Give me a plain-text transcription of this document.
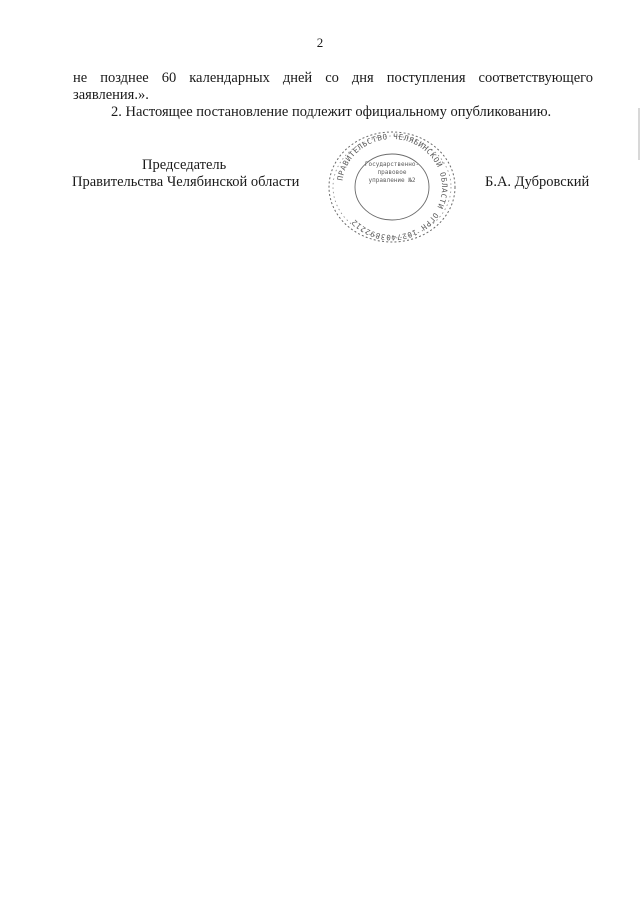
2
не позднее 60 календарных дней со дня поступления соответствующего
заявления.».
2. Настоящее постановление подлежит официальному опубликованию.
Председатель
Правительства Челябинской области	ПРАВИТЕЛЬСТВО ЧЕЛЯБИНСКОЙ ОБЛАСТИ ОГРН 1027403892212
Государственно-правовое управление №2	Б.А. Дубровский
